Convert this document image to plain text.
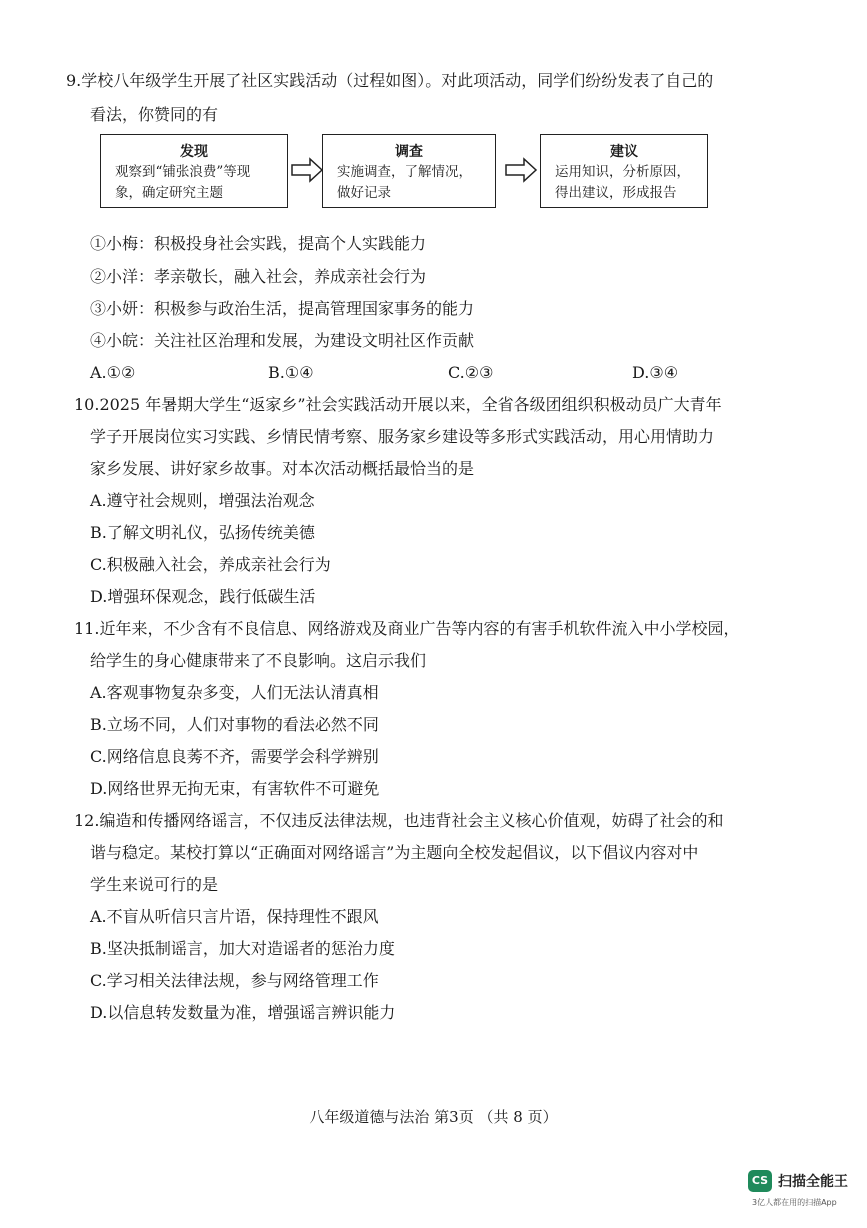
9.学校八年级学生开展了社区实践活动（过程如图）。对此项活动，同学们纷纷发表了自己的
看法，你赞同的有
发现
观察到“铺张浪费”等现
象，确定研究主题
调查
实施调查，了解情况，
做好记录
建议
运用知识，分析原因，
得出建议，形成报告
①小梅：积极投身社会实践，提高个人实践能力
②小洋：孝亲敬长，融入社会，养成亲社会行为
③小妍：积极参与政治生活，提高管理国家事务的能力
④小皖：关注社区治理和发展，为建设文明社区作贡献
A.①②	B.①④	C.②③	D.③④
10.2025 年暑期大学生“返家乡”社会实践活动开展以来，全省各级团组织积极动员广大青年
学子开展岗位实习实践、乡情民情考察、服务家乡建设等多形式实践活动，用心用情助力
家乡发展、讲好家乡故事。对本次活动概括最恰当的是
A.遵守社会规则，增强法治观念
B.了解文明礼仪，弘扬传统美德
C.积极融入社会，养成亲社会行为
D.增强环保观念，践行低碳生活
11.近年来，不少含有不良信息、网络游戏及商业广告等内容的有害手机软件流入中小学校园，
给学生的身心健康带来了不良影响。这启示我们
A.客观事物复杂多变，人们无法认清真相
B.立场不同，人们对事物的看法必然不同
C.网络信息良莠不齐，需要学会科学辨别
D.网络世界无拘无束，有害软件不可避免
12.编造和传播网络谣言，不仅违反法律法规，也违背社会主义核心价值观，妨碍了社会的和
谐与稳定。某校打算以“正确面对网络谣言”为主题向全校发起倡议，以下倡议内容对中
学生来说可行的是
A.不盲从听信只言片语，保持理性不跟风
B.坚决抵制谣言，加大对造谣者的惩治力度
C.学习相关法律法规，参与网络管理工作
D.以信息转发数量为准，增强谣言辨识能力
八年级道德与法治 第3页 （共 8 页）
CS 扫描全能王
3亿人都在用的扫描App
